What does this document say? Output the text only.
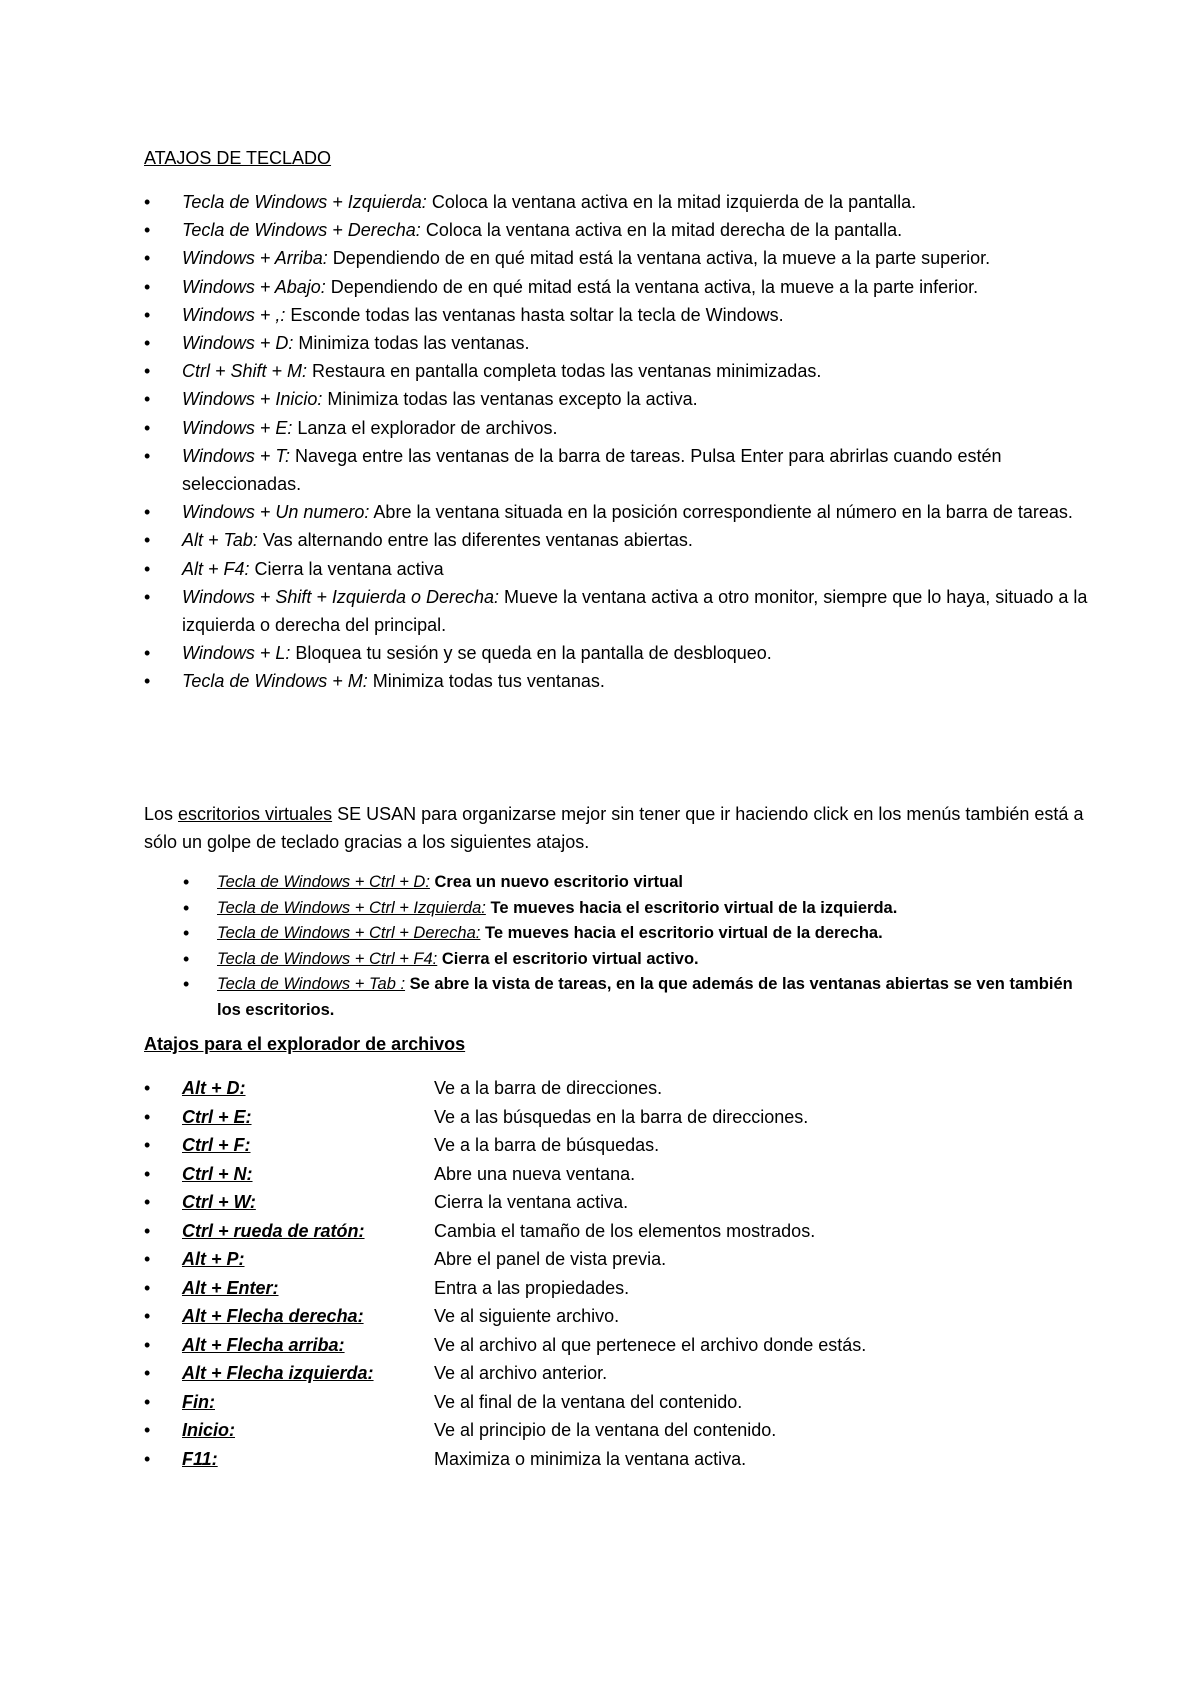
ATAJOS DE TECLADO
• Tecla de Windows + Izquierda: Coloca la ventana activa en la mitad izquierda de la pantalla.
• Tecla de Windows + Derecha: Coloca la ventana activa en la mitad derecha de la pantalla.
• Windows + Arriba: Dependiendo de en qué mitad está la ventana activa, la mueve a la parte superior.
• Windows + Abajo: Dependiendo de en qué mitad está la ventana activa, la mueve a la parte inferior.
• Windows + ,: Esconde todas las ventanas hasta soltar la tecla de Windows.
• Windows + D: Minimiza todas las ventanas.
• Ctrl + Shift + M: Restaura en pantalla completa todas las ventanas minimizadas.
• Windows + Inicio: Minimiza todas las ventanas excepto la activa.
• Windows + E: Lanza el explorador de archivos.
• Windows + T: Navega entre las ventanas de la barra de tareas. Pulsa Enter para abrirlas cuando estén seleccionadas.
• Windows + Un numero: Abre la ventana situada en la posición correspondiente al número en la barra de tareas.
• Alt + Tab: Vas alternando entre las diferentes ventanas abiertas.
• Alt + F4: Cierra la ventana activa
• Windows + Shift + Izquierda o Derecha: Mueve la ventana activa a otro monitor, siempre que lo haya, situado a la izquierda o derecha del principal.
• Windows + L: Bloquea tu sesión y se queda en la pantalla de desbloqueo.
• Tecla de Windows + M: Minimiza todas tus ventanas.

Los escritorios virtuales SE USAN para organizarse mejor sin tener que ir haciendo click en los menús también está a sólo un golpe de teclado gracias a los siguientes atajos.

• Tecla de Windows + Ctrl + D: Crea un nuevo escritorio virtual
• Tecla de Windows + Ctrl + Izquierda: Te mueves hacia el escritorio virtual de la izquierda.
• Tecla de Windows + Ctrl + Derecha: Te mueves hacia el escritorio virtual de la derecha.
• Tecla de Windows + Ctrl + F4: Cierra el escritorio virtual activo.
• Tecla de Windows + Tab : Se abre la vista de tareas, en la que además de las ventanas abiertas se ven también los escritorios.
Atajos para el explorador de archivos
• Alt + D:	Ve a la barra de direcciones.
• Ctrl + E:	Ve a las búsquedas en la barra de direcciones.
• Ctrl + F:	Ve a la barra de búsquedas.
• Ctrl + N:	Abre una nueva ventana.
• Ctrl + W:	Cierra la ventana activa.
• Ctrl + rueda de ratón:	Cambia el tamaño de los elementos mostrados.
• Alt + P:	Abre el panel de vista previa.
• Alt + Enter:	Entra a las propiedades.
• Alt + Flecha derecha:	Ve al siguiente archivo.
• Alt + Flecha arriba:	Ve al archivo al que pertenece el archivo donde estás.
• Alt + Flecha izquierda:	Ve al archivo anterior.
• Fin:	Ve al final de la ventana del contenido.
• Inicio:	Ve al principio de la ventana del contenido.
• F11:	Maximiza o minimiza la ventana activa.
